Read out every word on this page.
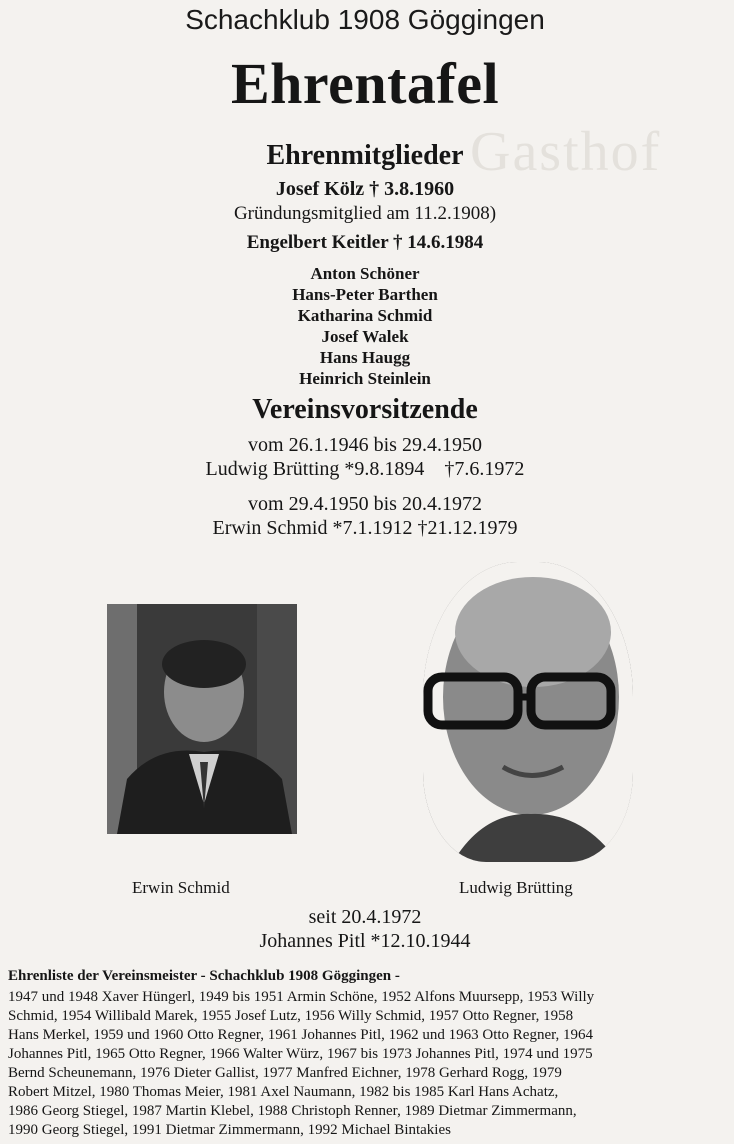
Gasthof
Schachklub 1908 Göggingen
Ehrentafel
Ehrenmitglieder
Josef Kölz † 3.8.1960
Gründungsmitglied am 11.2.1908)
Engelbert Keitler † 14.6.1984
Anton Schöner
Hans-Peter Barthen
Katharina Schmid
Josef Walek
Hans Haugg
Heinrich Steinlein
Vereinsvorsitzende
vom 26.1.1946 bis 29.4.1950
Ludwig Brütting *9.8.1894    †7.6.1972
vom 29.4.1950 bis 20.4.1972
Erwin Schmid *7.1.1912 †21.12.1979
Erwin Schmid	Ludwig Brütting
seit 20.4.1972
Johannes Pitl *12.10.1944
Ehrenliste der Vereinsmeister - Schachklub 1908 Göggingen -
1947 und 1948 Xaver Hüngerl, 1949 bis 1951 Armin Schöne, 1952 Alfons Muursepp, 1953 Willy
Schmid, 1954 Willibald Marek, 1955 Josef Lutz, 1956 Willy Schmid, 1957 Otto Regner, 1958
Hans Merkel, 1959 und 1960 Otto Regner, 1961 Johannes Pitl, 1962 und 1963 Otto Regner, 1964
Johannes Pitl, 1965 Otto Regner, 1966 Walter Würz, 1967 bis 1973 Johannes Pitl, 1974 und 1975
Bernd Scheunemann, 1976 Dieter Gallist, 1977 Manfred Eichner, 1978 Gerhard Rogg, 1979
Robert Mitzel, 1980 Thomas Meier, 1981 Axel Naumann, 1982 bis 1985 Karl Hans Achatz,
1986 Georg Stiegel, 1987 Martin Klebel, 1988 Christoph Renner, 1989 Dietmar Zimmermann,
1990 Georg Stiegel, 1991 Dietmar Zimmermann, 1992 Michael Bintakies
